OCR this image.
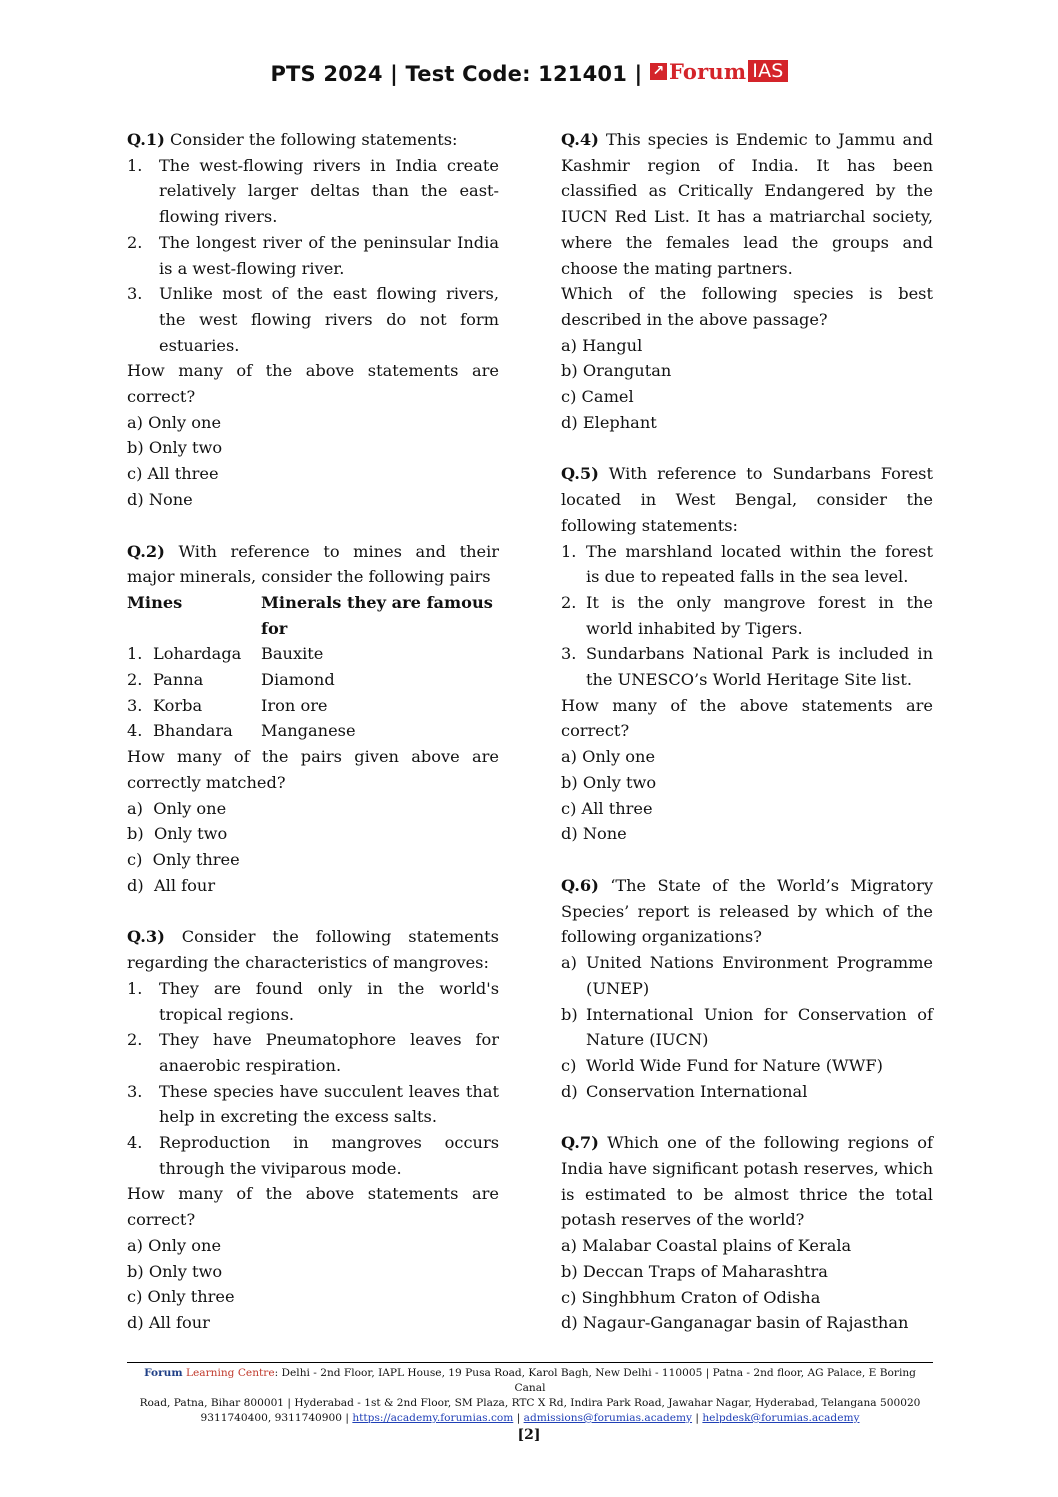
PTS 2024 | Test Code: 121401 | ↗ Forum IAS

Q.1) Consider the following statements:

1.	The west-flowing rivers in India create relatively larger deltas than the east-flowing rivers.
2.	The longest river of the peninsular India is a west-flowing river.
3.	Unlike most of the east flowing rivers, the west flowing rivers do not form estuaries.

How many of the above statements are correct?

a) Only one

b) Only two

c) All three

d) None

Q.2) With reference to mines and their major minerals, consider the following pairs

Mines		Minerals they are famous for
1.	Lohardaga	Bauxite
2.	Panna	Diamond
3.	Korba	Iron ore
4.	Bhandara	Manganese

How many of the pairs given above are correctly matched?

a)  Only one

b)  Only two

c)  Only three

d)  All four

Q.3) Consider the following statements regarding the characteristics of mangroves:

1.	They are found only in the world's tropical regions.
2.	They have Pneumatophore leaves for anaerobic respiration.
3.	These species have succulent leaves that help in excreting the excess salts.
4.	Reproduction in mangroves occurs through the viviparous mode.

How many of the above statements are correct?

a) Only one

b) Only two

c) Only three

d) All four

Q.4) This species is Endemic to Jammu and Kashmir region of India. It has been classified as Critically Endangered by the IUCN Red List. It has a matriarchal society, where the females lead the groups and choose the mating partners.

Which of the following species is best described in the above passage?

a) Hangul

b) Orangutan

c) Camel

d) Elephant

Q.5) With reference to Sundarbans Forest located in West Bengal, consider the following statements:

1. The marshland located within the forest is due to repeated falls in the sea level.
2. It is the only mangrove forest in the world inhabited by Tigers.
3. Sundarbans National Park is included in the UNESCO’s World Heritage Site list.

How many of the above statements are correct?

a) Only one

b) Only two

c) All three

d) None

Q.6) ‘The State of the World’s Migratory Species’ report is released by which of the following organizations?

a) United Nations Environment Programme (UNEP)
b) International Union for Conservation of Nature (IUCN)
c) World Wide Fund for Nature (WWF)
d) Conservation International

Q.7) Which one of the following regions of India have significant potash reserves, which is estimated to be almost thrice the total potash reserves of the world?

a) Malabar Coastal plains of Kerala

b) Deccan Traps of Maharashtra

c) Singhbhum Craton of Odisha

d) Nagaur-Ganganagar basin of Rajasthan

Forum Learning Centre: Delhi - 2nd Floor, IAPL House, 19 Pusa Road, Karol Bagh, New Delhi - 110005 | Patna - 2nd floor, AG Palace, E Boring Canal
Road, Patna, Bihar 800001 | Hyderabad - 1st & 2nd Floor, SM Plaza, RTC X Rd, Indira Park Road, Jawahar Nagar, Hyderabad, Telangana 500020
9311740400, 9311740900 | https://academy.forumias.com | admissions@forumias.academy | helpdesk@forumias.academy
[2]
